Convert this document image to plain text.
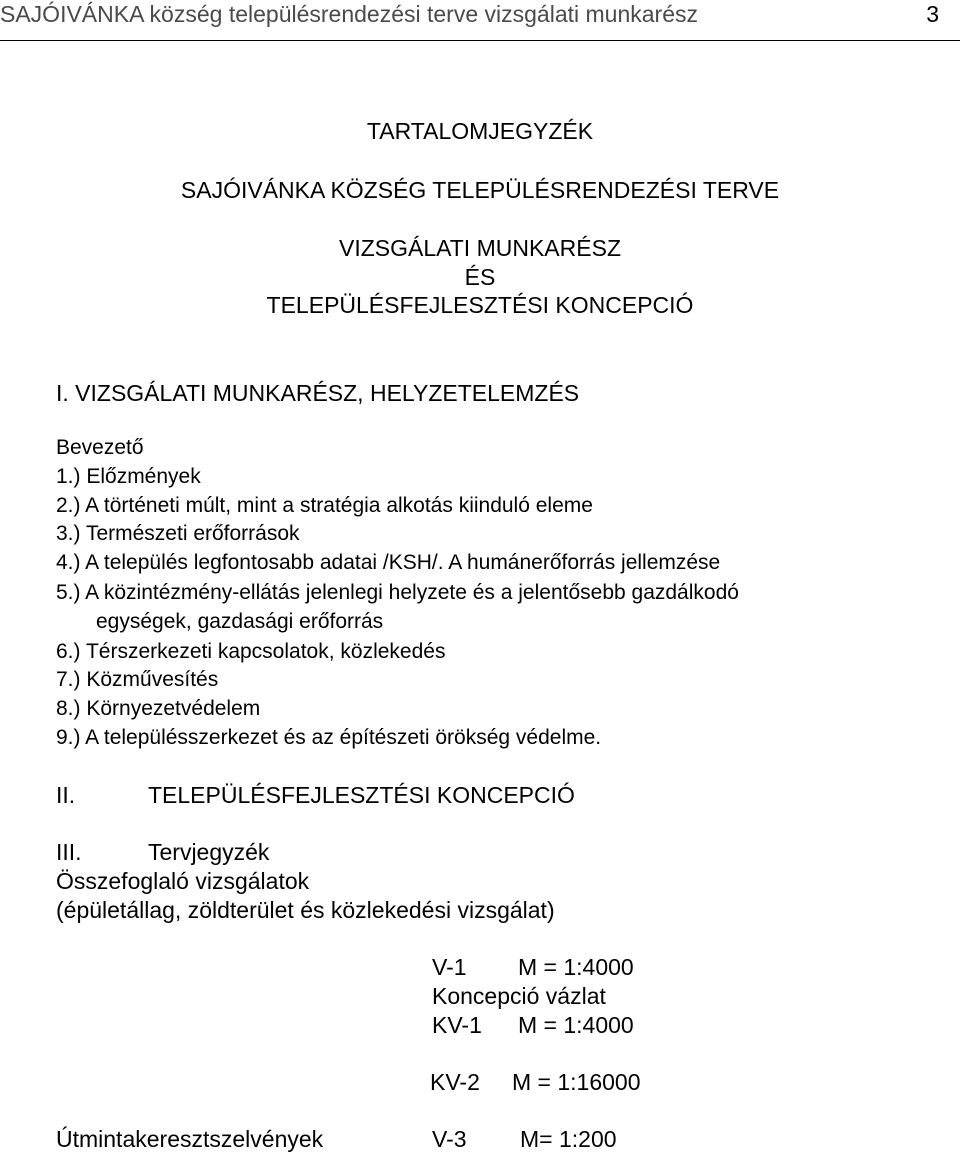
SAJÓIVÁNKA község településrendezési terve vizsgálati munkarész	3
TARTALOMJEGYZÉK
SAJÓIVÁNKA KÖZSÉG TELEPÜLÉSRENDEZÉSI TERVE
VIZSGÁLATI MUNKARÉSZ
ÉS
TELEPÜLÉSFEJLESZTÉSI KONCEPCIÓ
I. VIZSGÁLATI MUNKARÉSZ, HELYZETELEMZÉS
Bevezető
1.) Előzmények
2.) A történeti múlt, mint a stratégia alkotás kiinduló eleme
3.) Természeti erőforrások
4.) A település legfontosabb adatai /KSH/. A humánerőforrás jellemzése
5.) A közintézmény-ellátás jelenlegi helyzete és a jelentősebb gazdálkodó
egységek, gazdasági erőforrás
6.) Térszerkezeti kapcsolatok, közlekedés
7.) Közművesítés
8.) Környezetvédelem
9.) A településszerkezet és az építészeti örökség védelme.
II.	TELEPÜLÉSFEJLESZTÉSI KONCEPCIÓ
III.	Tervjegyzék
Összefoglaló vizsgálatok
(épületállag, zöldterület és közlekedési vizsgálat)
V-1 M = 1:4000
Koncepció vázlat
KV-1 M = 1:4000
KV-2 M = 1:16000
Útmintakeresztszelvények	V-3 M= 1:200
